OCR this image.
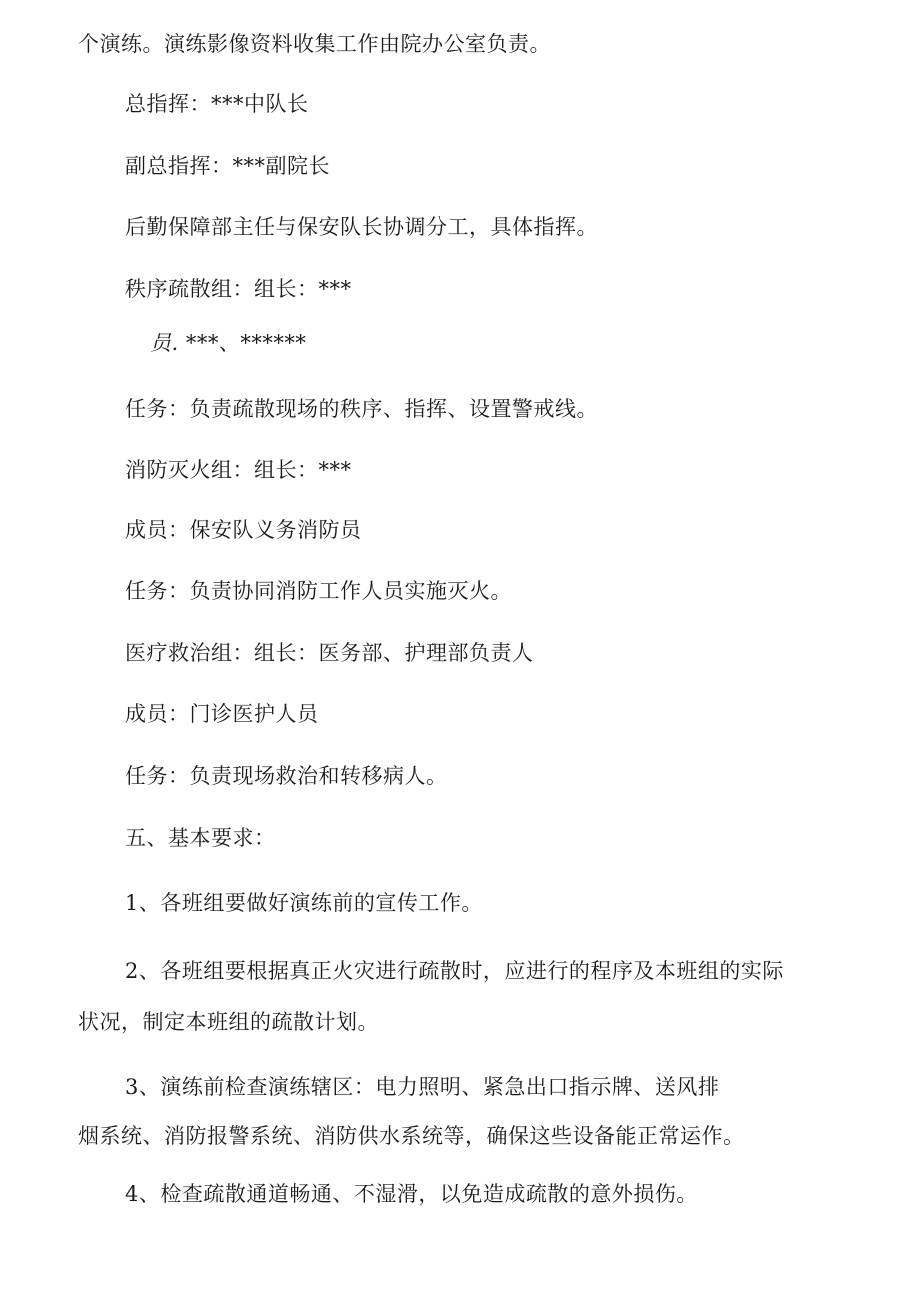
个演练。演练影像资料收集工作由院办公室负责。
总指挥：***中队长
副总指挥：***副院长
后勤保障部主任与保安队长协调分工，具体指挥。
秩序疏散组：组长：***
员. ***、******
任务：负责疏散现场的秩序、指挥、设置警戒线。
消防灭火组：组长：***
成员：保安队义务消防员
任务：负责协同消防工作人员实施灭火。
医疗救治组：组长：医务部、护理部负责人
成员：门诊医护人员
任务：负责现场救治和转移病人。
五、基本要求：
1、各班组要做好演练前的宣传工作。
2、各班组要根据真正火灾进行疏散时，应进行的程序及本班组的实际
状况，制定本班组的疏散计划。
3、演练前检查演练辖区：电力照明、紧急出口指示牌、送风排
烟系统、消防报警系统、消防供水系统等，确保这些设备能正常运作。
4、检查疏散通道畅通、不湿滑，以免造成疏散的意外损伤。
